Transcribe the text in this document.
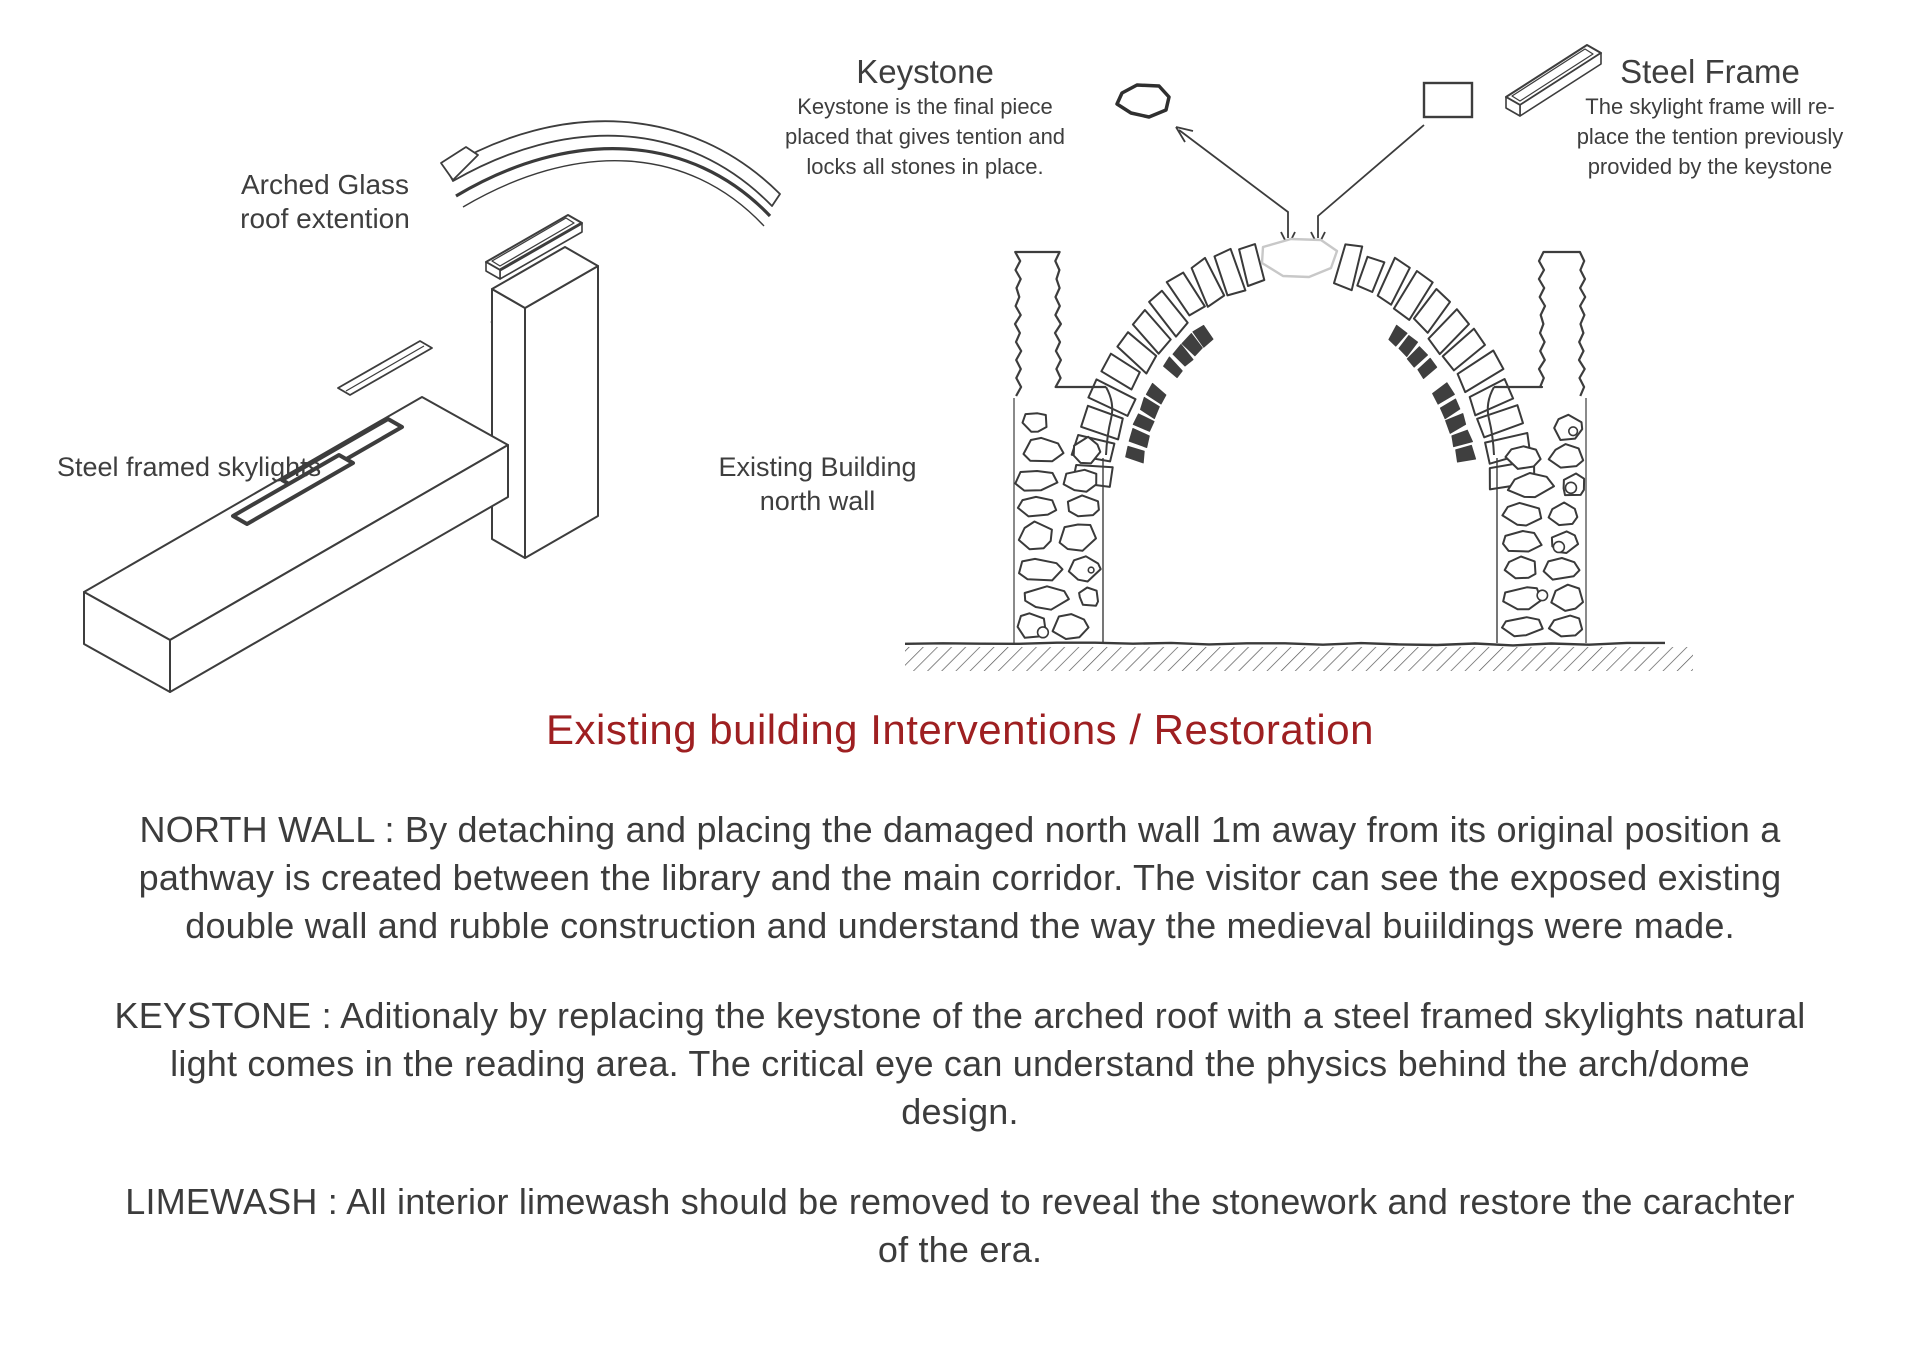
Arched Glass
roof extention
Steel framed skylights	Existing Building
north wall
Keystone
Keystone is the final piece
placed that gives tention and
locks all stones in place.
Steel Frame
The skylight frame will re-
place the tention previously
provided by the keystone
Existing building Interventions / Restoration
NORTH WALL : By detaching and placing the damaged north wall 1m away from its original position a
pathway is created between the library and the main corridor. The visitor can see the exposed existing
double wall and rubble construction and understand the way the medieval buiildings were made.
KEYSTONE : Aditionaly by replacing the keystone of the arched roof with a steel framed skylights natural
light comes in the reading area. The critical eye can understand the physics behind the arch/dome
design.
LIMEWASH : All interior limewash should be removed to reveal the stonework and restore the carachter
of the era.
